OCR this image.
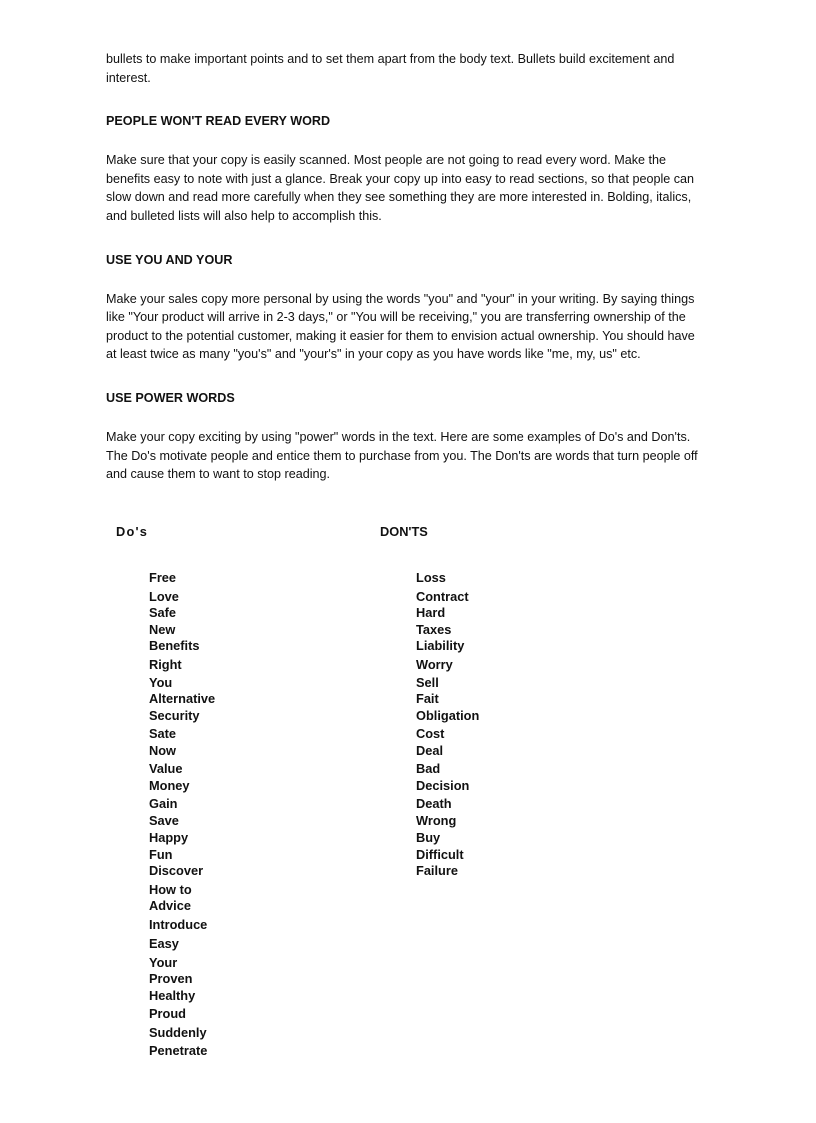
bullets to make important points and to set them apart from the body text. Bullets build excitement and interest.

PEOPLE WON'T READ EVERY WORD

Make sure that your copy is easily scanned. Most people are not going to read every word. Make the benefits easy to note with just a glance. Break your copy up into easy to read sections, so that people can slow down and read more carefully when they see something they are more interested in. Bolding, italics, and bulleted lists will also help to accomplish this.

USE YOU AND YOUR

Make your sales copy more personal by using the words "you" and "your" in your writing. By saying things like "Your product will arrive in 2-3 days," or "You will be receiving," you are transferring ownership of the product to the potential customer, making it easier for them to envision actual ownership. You should have at least twice as many "you's" and "your's" in your copy as you have words like "me, my, us" etc.

USE POWER WORDS

Make your copy exciting by using "power" words in the text. Here are some examples of Do's and Don'ts. The Do's motivate people and entice them to purchase from you. The Don'ts are words that turn people off and cause them to want to stop reading.

Do's	DON'TS
Free
Love
Safe
New
Benefits
Right
You
Alternative
Security
Sate
Now
Value
Money
Gain
Save
Happy
Fun
Discover
How to
Advice
Introduce
Easy
Your
Proven
Healthy
Proud
Suddenly
Penetrate
Loss
Contract
Hard
Taxes
Liability
Worry
Sell
Fait
Obligation
Cost
Deal
Bad
Decision
Death
Wrong
Buy
Difficult
Failure
